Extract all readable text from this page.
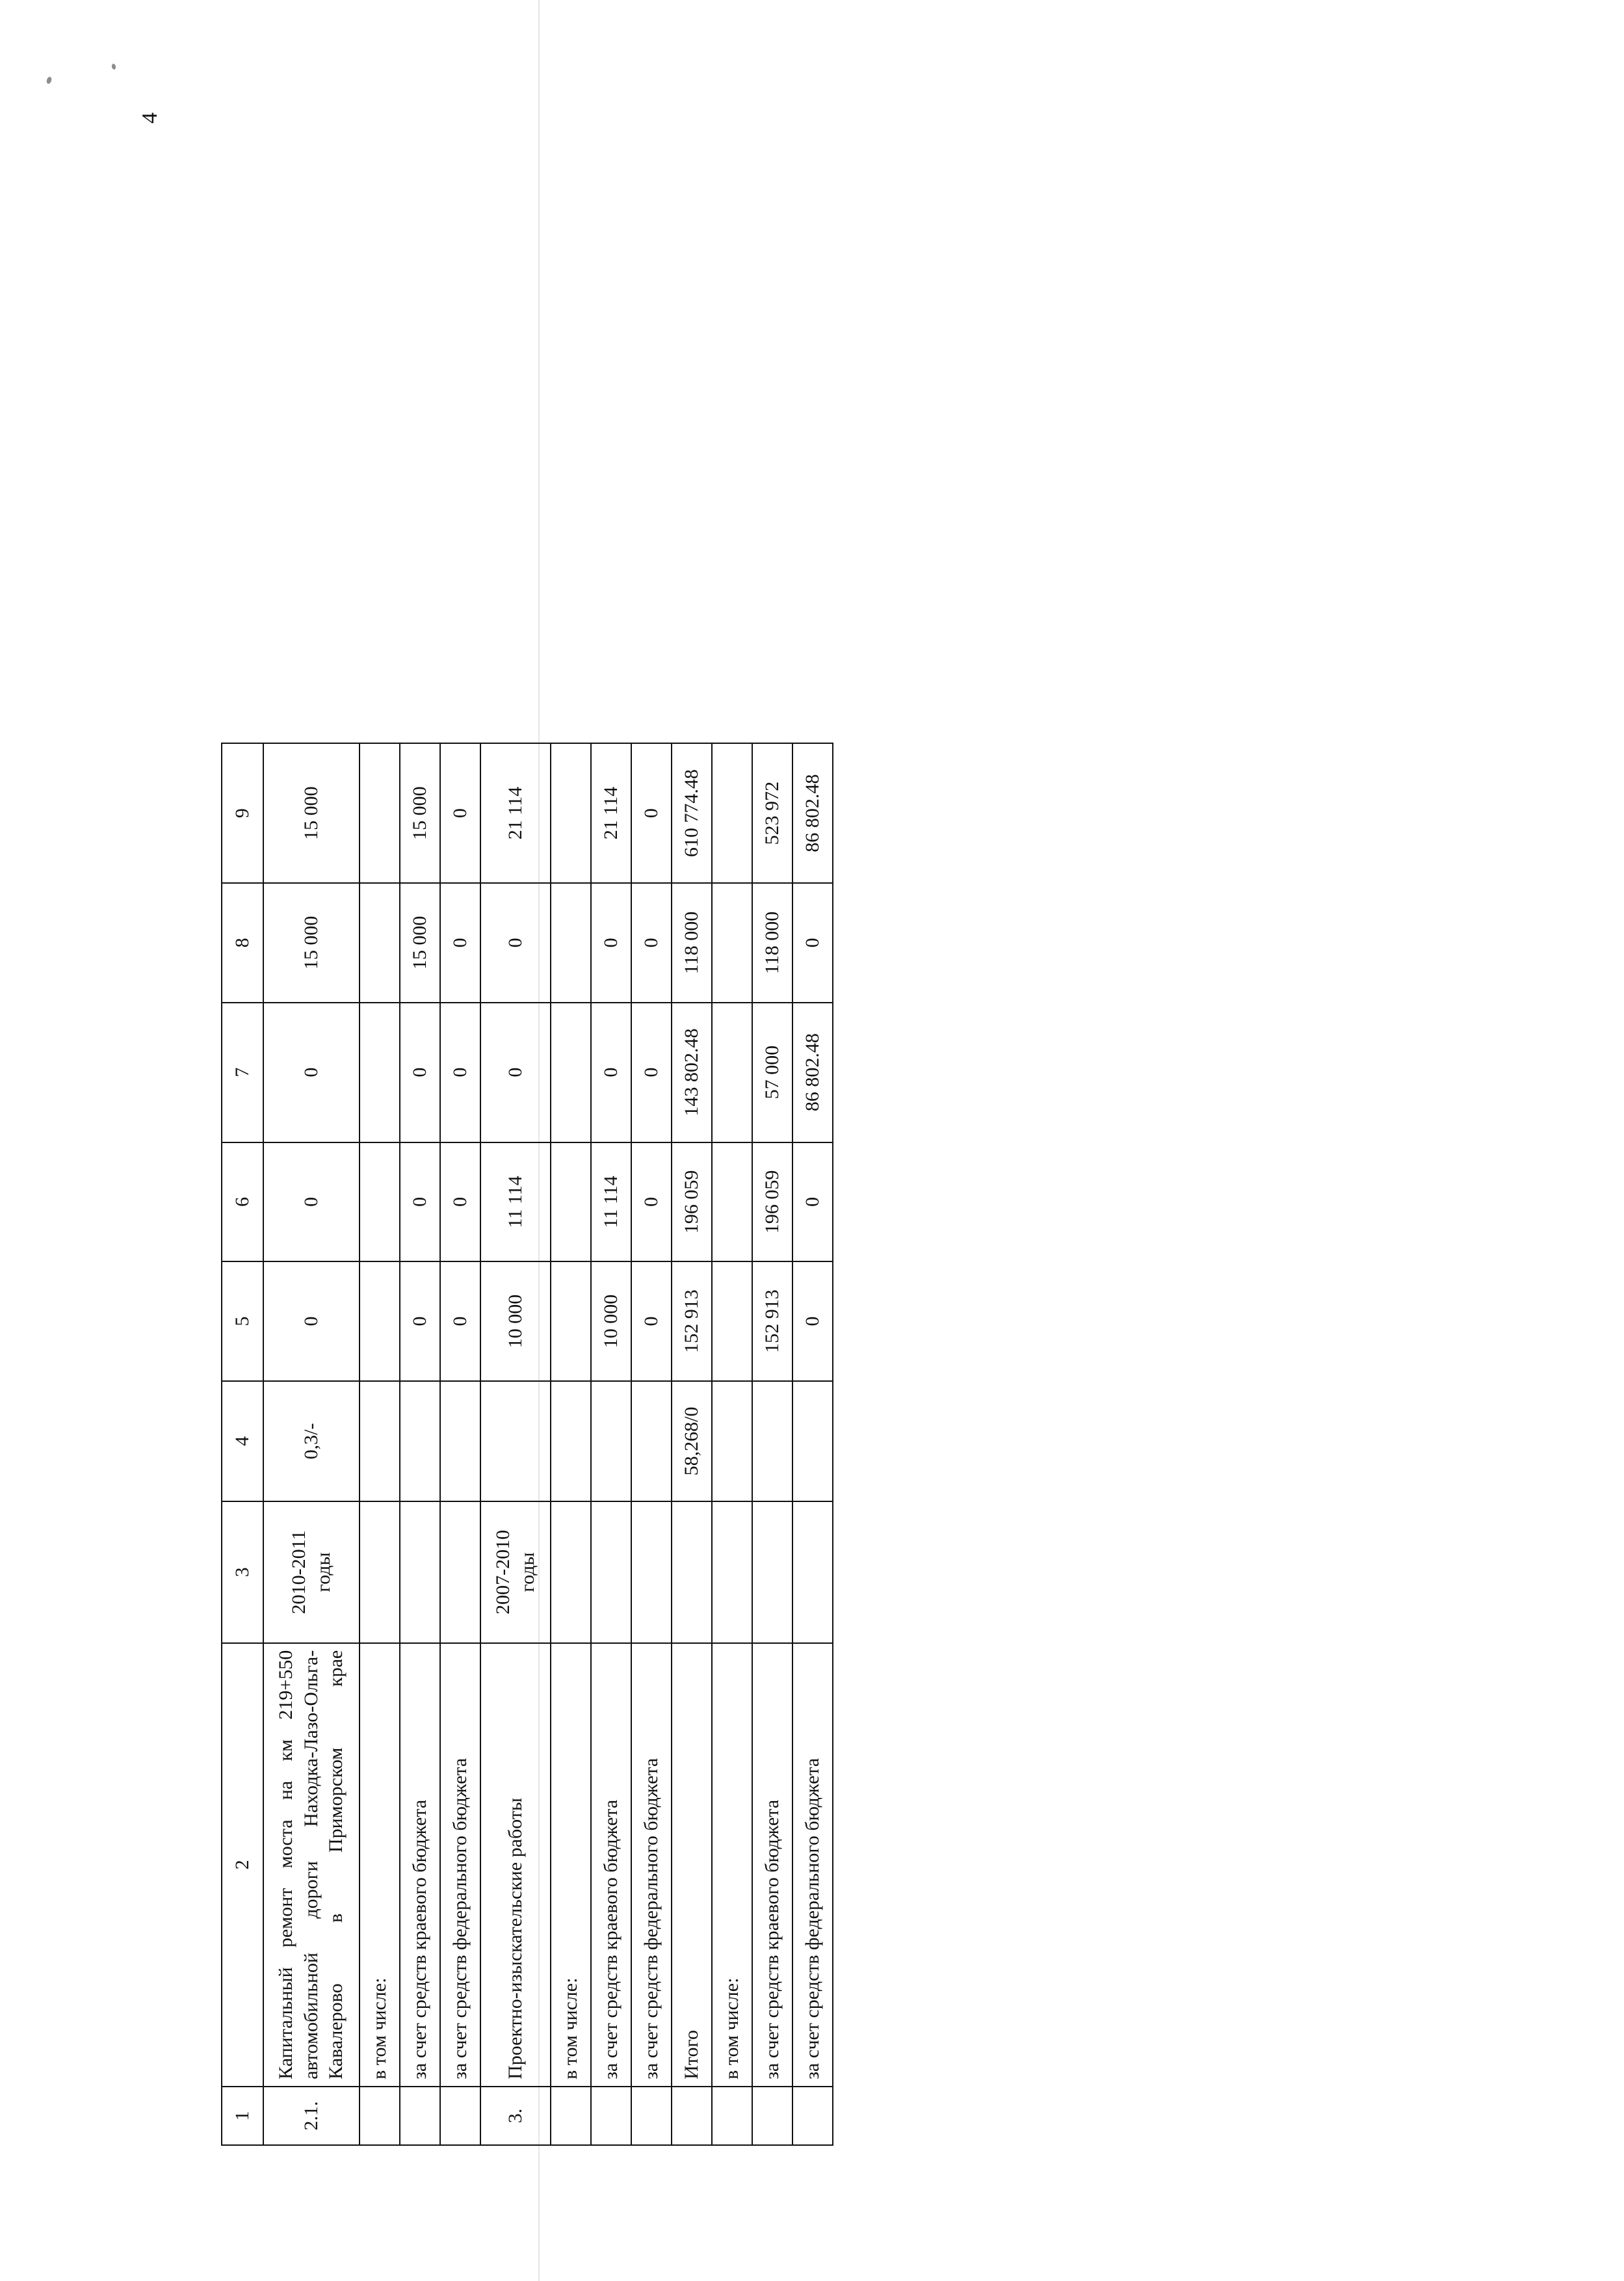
4
1	2	3	4	5	6	7	8	9
2.1.	Капитальный ремонт моста на км 219+550 автомобильной дороги Находка-Лазо-Ольга-Кавалерово в Приморском крае	2010-2011 годы	0,3/-	0	0	0	15 000	15 000
	в том числе:							
	за счет средств краевого бюджета			0	0	0	15 000	15 000
	за счет средств федерального бюджета			0	0	0	0	0
3.	Проектно-изыскательские работы	2007-2010 годы		10 000	11 114	0	0	21 114
	в том числе:							
	за счет средств краевого бюджета			10 000	11 114	0	0	21 114
	за счет средств федерального бюджета			0	0	0	0	0
	Итого		58,268/0	152 913	196 059	143 802.48	118 000	610 774.48
	в том числе:							
	за счет средств краевого бюджета			152 913	196 059	57 000	118 000	523 972
	за счет средств федерального бюджета			0	0	86 802.48	0	86 802.48
